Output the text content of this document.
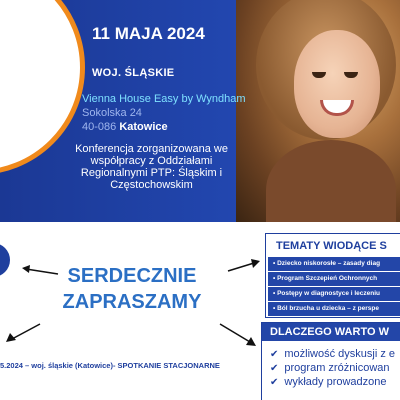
11 MAJA 2024
WOJ. ŚLĄSKIE
Vienna House Easy by Wyndham
Sokolska 24
40-086 Katowice
Konferencja zorganizowana we współpracy z Oddziałami Regionalnymi PTP: Śląskim i Częstochowskim
SERDECZNIE
ZAPRASZAMY
TEMATY WIODĄCE S
• Dziecko niskorosłe – zasady diag
• Program Szczepień Ochronnych
• Postępy w diagnostyce i leczeniu
• Ból brzucha u dziecka – z perspe
DLACZEGO WARTO W
✔ możliwość dyskusji z e
✔ program zróżnicowan
✔ wykłady prowadzone
5.2024 – woj. śląskie (Katowice)- SPOTKANIE STACJONARNE
